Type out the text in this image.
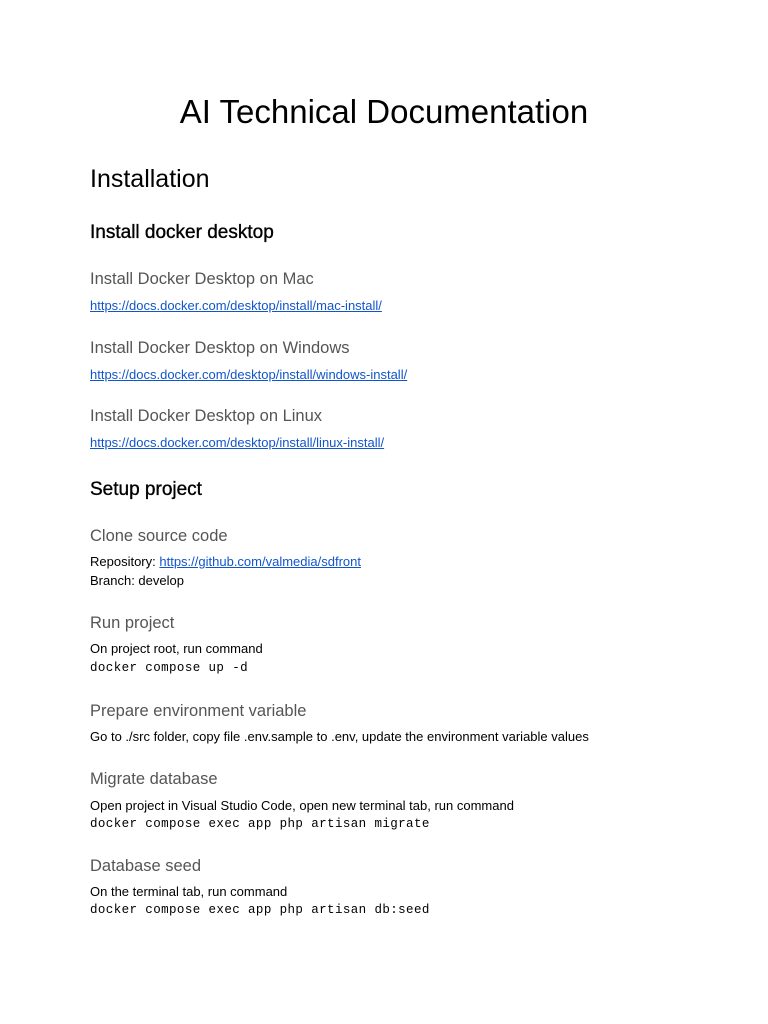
AI Technical Documentation
Installation
Install docker desktop
Install Docker Desktop on Mac

https://docs.docker.com/desktop/install/mac-install/

Install Docker Desktop on Windows

https://docs.docker.com/desktop/install/windows-install/

Install Docker Desktop on Linux

https://docs.docker.com/desktop/install/linux-install/

Setup project
Clone source code

Repository: https://github.com/valmedia/sdfront

Branch: develop

Run project

On project root, run command

docker compose up -d
Prepare environment variable

Go to ./src folder, copy file .env.sample to .env, update the environment variable values

Migrate database

Open project in Visual Studio Code, open new terminal tab, run command

docker compose exec app php artisan migrate
Database seed

On the terminal tab, run command

docker compose exec app php artisan db:seed
